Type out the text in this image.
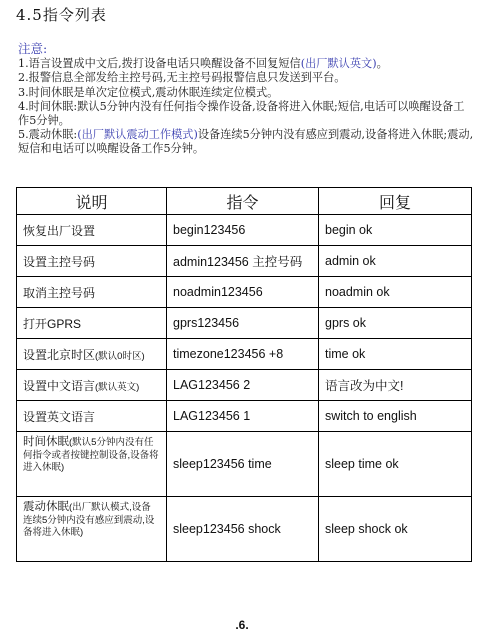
4.5指令列表

注意:

1.语言设置成中文后,拨打设备电话只唤醒设备不回复短信(出厂默认英文)。

2.报警信息全部发给主控号码,无主控号码报警信息只发送到平台。

3.时间休眠是单次定位模式,震动休眠连续定位模式。

4.时间休眠:默认5分钟内没有任何指令操作设备,设备将进入休眠;短信,电话可以唤醒设备工作5分钟。

5.震动休眠:(出厂默认震动工作模式)设备连续5分钟内没有感应到震动,设备将进入休眠;震动,短信和电话可以唤醒设备工作5分钟。

说明	指令	回复
恢复出厂设置	begin123456	begin ok
设置主控号码	admin123456 主控号码	admin ok
取消主控号码	noadmin123456	noadmin ok
打开GPRS	gprs123456	gprs ok
设置北京时区(默认0时区)	timezone123456 +8	time ok
设置中文语言(默认英文)	LAG123456 2	语言改为中文!
设置英文语言	LAG123456 1	switch to english
时间休眠(默认5分钟内没有任何指令或者按键控制设备,设备将进入休眠)	sleep123456 time	sleep time ok
震动休眠(出厂默认模式,设备连续5分钟内没有感应到震动,设备将进入休眠)	sleep123456 shock	sleep shock ok
.6.
